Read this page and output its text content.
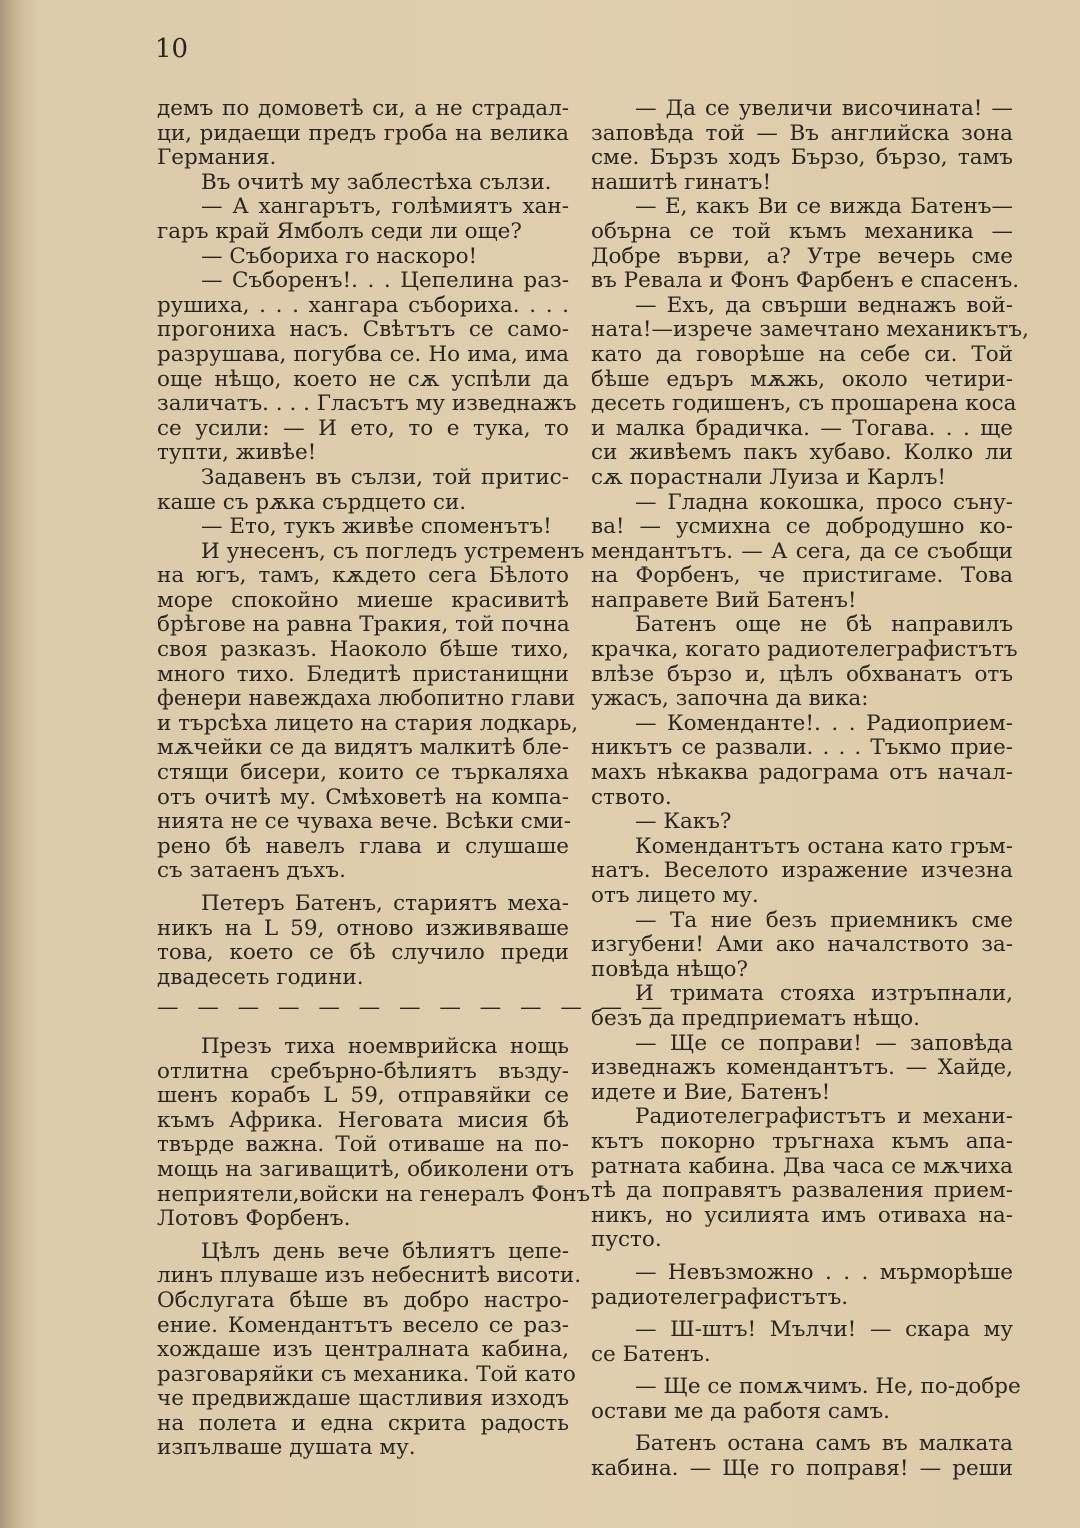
10
демъ по домоветѣ си, а не страдал-
ци, ридаещи предъ гроба на велика
Германия.
Въ очитѣ му заблестѣха сълзи.
— А хангарътъ, голѣмиятъ хан-
гаръ край Ямболъ седи ли още?
— Събориха го наскоро!
— Съборенъ!. . . Цепелина раз-
рушиха, . . . хангара събориха. . . .
прогониха насъ. Свѣтътъ се само-
разрушава, погубва се. Но има, има
още нѣщо, което не сѫ успѣли да
заличатъ. . . . Гласътъ му изведнажъ
се усили: — И ето, то е тука, то
тупти, живѣе!
Задавенъ въ сълзи, той притис-
каше съ рѫка сърдцето си.
— Ето, тукъ живѣе споменътъ!
И унесенъ, съ погледъ устременъ
на югъ, тамъ, кѫдето сега Бѣлото
море спокойно миеше красивитѣ
брѣгове на равна Тракия, той почна
своя разказъ. Наоколо бѣше тихо,
много тихо. Бледитѣ пристанищни
фенери навеждаха любопитно глави
и търсѣха лицето на стария лодкарь,
мѫчейки се да видятъ малкитѣ бле-
стящи бисери, които се търкаляха
отъ очитѣ му. Смѣховетѣ на компа-
нията не се чуваха вече. Всѣки сми-
рено бѣ навелъ глава и слушаше
съ затаенъ дъхъ.
Петеръ Батенъ, стариятъ меха-
никъ на L 59, отново изживяваше
това, което се бѣ случило преди
двадесеть години.
— — — — — — — — — — — — —
Презъ тиха ноемврийска нощь
отлитна сребърно-бѣлиятъ възду-
шенъ корабъ L 59, отправяйки се
къмъ Африка. Неговата мисия бѣ
твърде важна. Той отиваше на по-
мощь на загиващитѣ, обиколени отъ
неприятели,войски на генералъ Фонъ
Лотовъ Форбенъ.
Цѣлъ день вече бѣлиятъ цепе-
линъ плуваше изъ небеснитѣ висоти.
Обслугата бѣше въ добро настро-
ение. Комендантътъ весело се раз-
хождаше изъ централната кабина,
разговаряйки съ механика. Той като
че предвиждаше щастливия изходъ
на полета и една скрита радость
изпълваше душата му.
— Да се увеличи височината! —
заповѣда той — Въ английска зона
сме. Бързъ ходъ Бързо, бързо, тамъ
нашитѣ гинатъ!
— Е, какъ Ви се вижда Батенъ—
обърна се той къмъ механика —
Добре върви, а? Утре вечерь сме
въ Ревала и Фонъ Фарбенъ е спасенъ.
— Ехъ, да свърши веднажъ вой-
ната!—изрече замечтано механикътъ,
като да говорѣше на себе си. Той
бѣше едъръ мѫжь, около четири-
десеть годишенъ, съ прошарена коса
и малка брадичка. — Тогава. . . ще
си живѣемъ пакъ хубаво. Колко ли
сѫ порастнали Луиза и Карлъ!
— Гладна кокошка, просо съну-
ва! — усмихна се добродушно ко-
мендантътъ. — А сега, да се съобщи
на Форбенъ, че пристигаме. Това
направете Вий Батенъ!
Батенъ още не бѣ направилъ
крачка, когато радиотелеграфистътъ
влѣзе бързо и, цѣлъ обхванатъ отъ
ужасъ, започна да вика:
— Коменданте!. . . Радиоприем-
никътъ се развали. . . . Тъкмо прие-
махъ нѣкаква радограма отъ начал-
ството.
— Какъ?
Комендантътъ остана като гръм-
натъ. Веселото изражение изчезна
отъ лицето му.
— Та ние безъ приемникъ сме
изгубени! Ами ако началството за-
повѣда нѣщо?
И тримата стояха изтръпнали,
безъ да предприематъ нѣщо.
— Ще се поправи! — заповѣда
изведнажъ комендантътъ. — Хайде,
идете и Вие, Батенъ!
Радиотелеграфистътъ и механи-
кътъ покорно тръгнаха къмъ апа-
ратната кабина. Два часа се мѫчиха
тѣ да поправятъ разваления прием-
никъ, но усилията имъ отиваха на-
пусто.
— Невъзможно . . . мърморѣше
радиотелеграфистътъ.
— Ш-штъ! Мълчи! — скара му
се Батенъ.
— Ще се помѫчимъ. Не, по-добре
остави ме да работя самъ.
Батенъ остана самъ въ малката
кабина. — Ще го поправя! — реши
